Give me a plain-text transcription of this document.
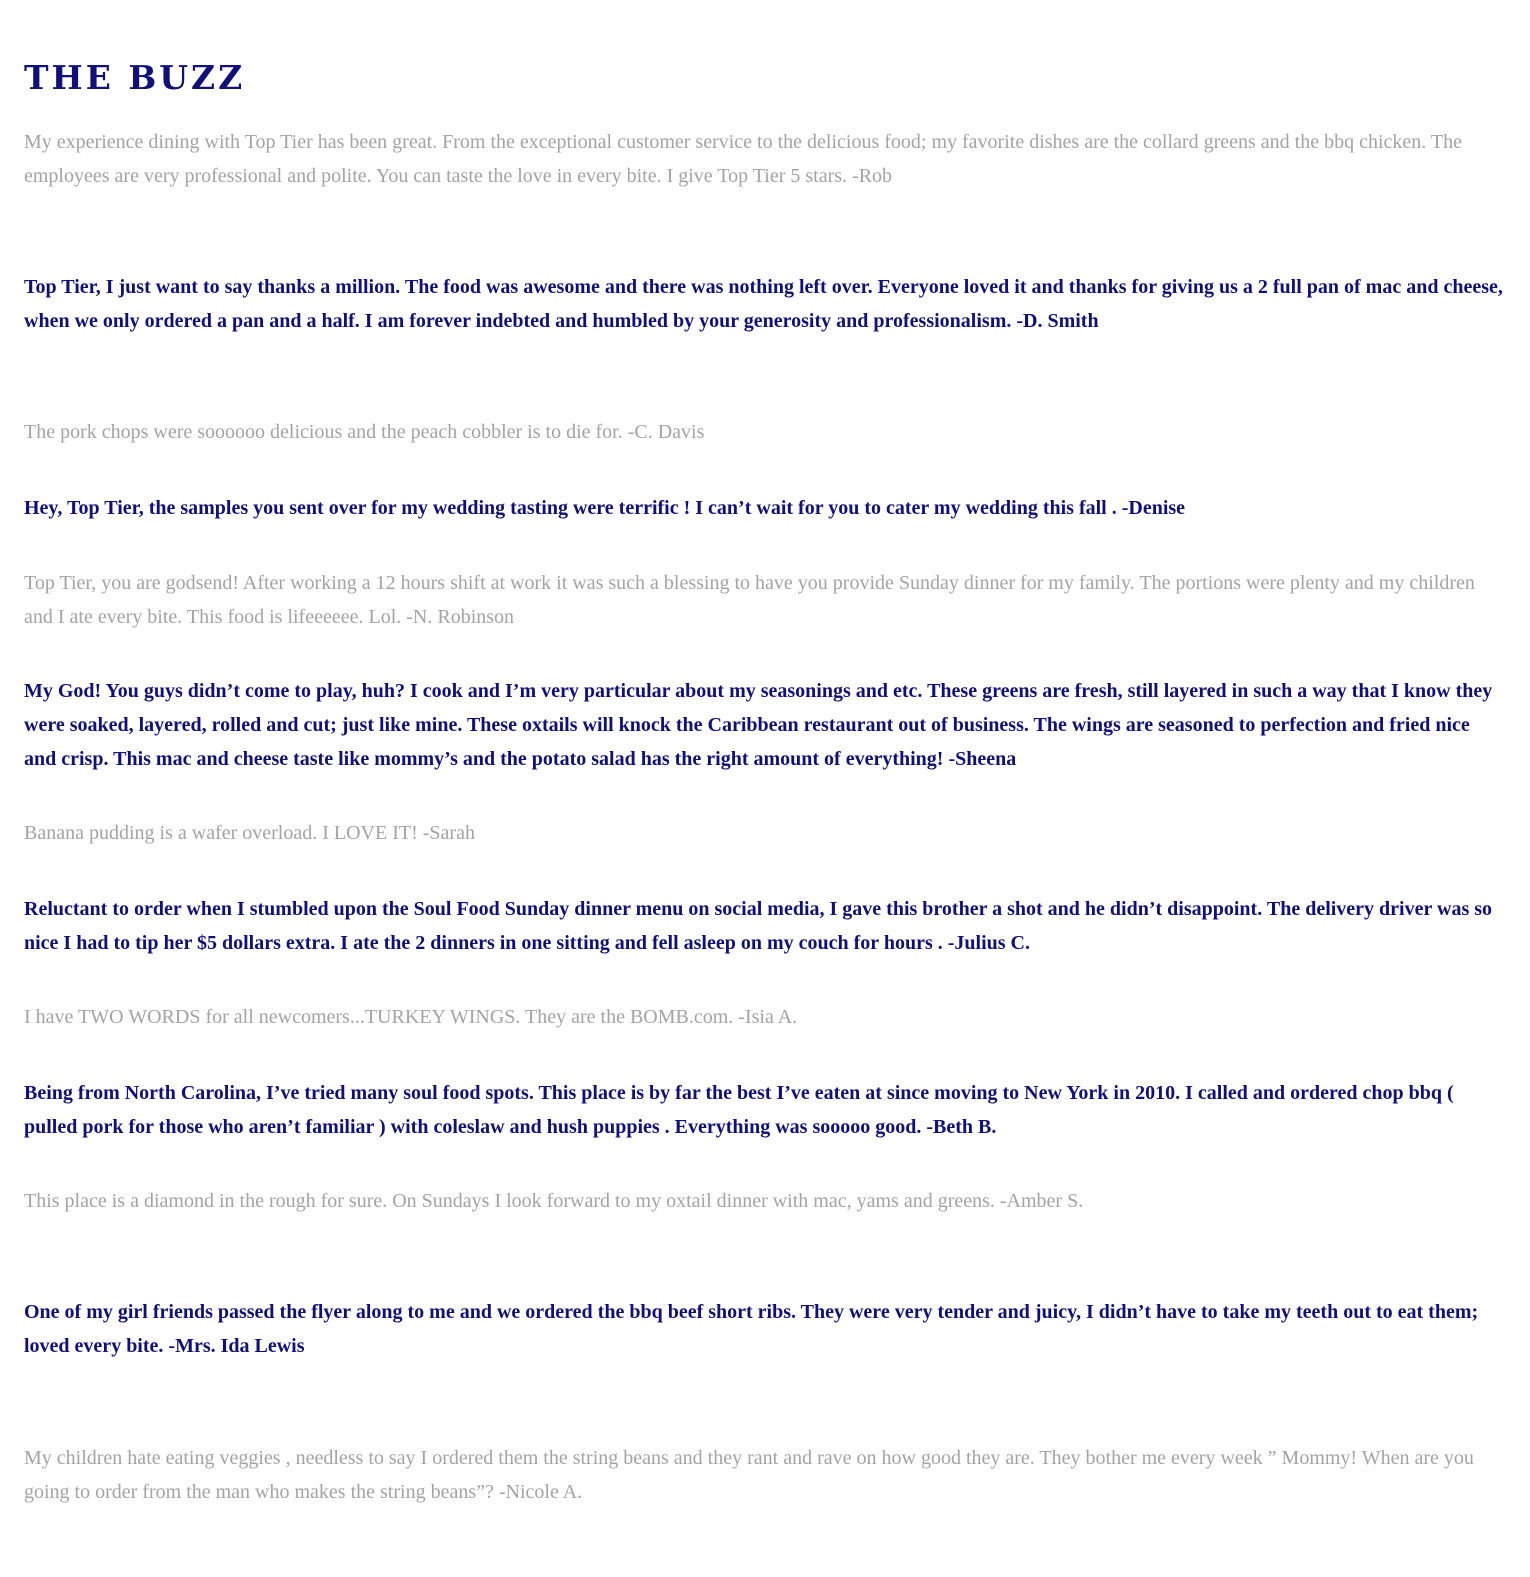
THE BUZZ

My experience dining with Top Tier has been great. From the exceptional customer service to the delicious food; my favorite dishes are the collard greens and the bbq chicken. The employees are very professional and polite. You can taste the love in every bite. I give Top Tier 5 stars. -Rob

Top Tier, I just want to say thanks a million. The food was awesome and there was nothing left over. Everyone loved it and thanks for giving us a 2 full pan of mac and cheese, when we only ordered a pan and a half. I am forever indebted and humbled by your generosity and professionalism. -D. Smith

The pork chops were soooooo delicious and the peach cobbler is to die for. -C. Davis

Hey, Top Tier, the samples you sent over for my wedding tasting were terrific ! I can’t wait for you to cater my wedding this fall . -Denise

Top Tier, you are godsend! After working a 12 hours shift at work it was such a blessing to have you provide Sunday dinner for my family. The portions were plenty and my children and I ate every bite. This food is lifeeeeee. Lol. -N. Robinson

My God! You guys didn’t come to play, huh? I cook and I’m very particular about my seasonings and etc. These greens are fresh, still layered in such a way that I know they were soaked, layered, rolled and cut; just like mine. These oxtails will knock the Caribbean restaurant out of business. The wings are seasoned to perfection and fried nice and crisp. This mac and cheese taste like mommy’s and the potato salad has the right amount of everything! -Sheena

Banana pudding is a wafer overload. I LOVE IT! -Sarah

Reluctant to order when I stumbled upon the Soul Food Sunday dinner menu on social media, I gave this brother a shot and he didn’t disappoint. The delivery driver was so nice I had to tip her $5 dollars extra. I ate the 2 dinners in one sitting and fell asleep on my couch for hours . -Julius C.

I have TWO WORDS for all newcomers...TURKEY WINGS. They are the BOMB.com. -Isia A.

Being from North Carolina, I’ve tried many soul food spots. This place is by far the best I’ve eaten at since moving to New York in 2010. I called and ordered chop bbq ( pulled pork for those who aren’t familiar ) with coleslaw and hush puppies . Everything was sooooo good. -Beth B.

This place is a diamond in the rough for sure. On Sundays I look forward to my oxtail dinner with mac, yams and greens. -Amber S.

One of my girl friends passed the flyer along to me and we ordered the bbq beef short ribs. They were very tender and juicy, I didn’t have to take my teeth out to eat them; loved every bite. -Mrs. Ida Lewis

My children hate eating veggies , needless to say I ordered them the string beans and they rant and rave on how good they are. They bother me every week ” Mommy! When are you going to order from the man who makes the string beans”? -Nicole A.
